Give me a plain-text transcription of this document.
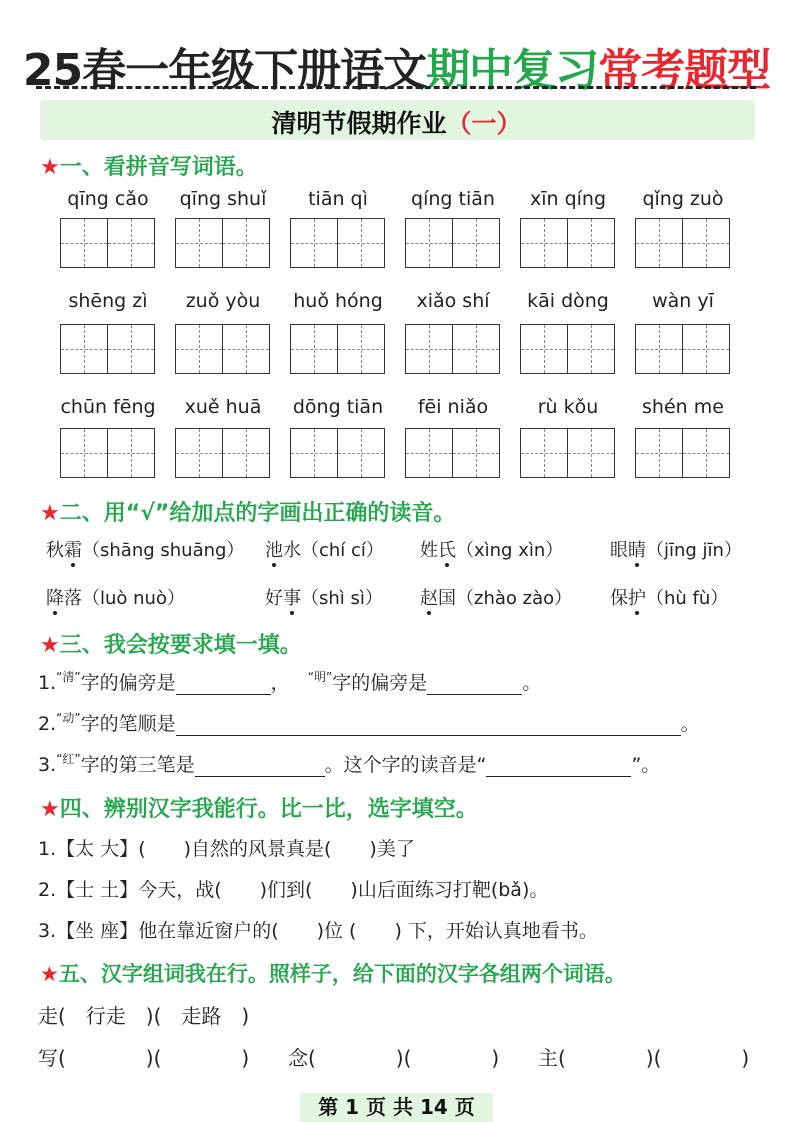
25春一年级下册语文期中复习常考题型
清明节假期作业（一）
★一、看拼音写词语。
qīng cǎo	qīng shuǐ	tiān qì	qíng tiān	xīn qíng	qǐng zuò
shēng zì	zuǒ yòu	huǒ hóng	xiǎo shí	kāi dòng	wàn yī
chūn fēng	xuě huā	dōng tiān	fēi niǎo	rù kǒu	shén me
★二、用“√”给加点的字画出正确的读音。
秋霜（shāng shuāng） 池水（chí cí） 姓氏（xìng xìn）	眼睛（jīng jīn）
降落（luò nuò）	好事（shì sì） 赵国（zhào zào） 保护（hù fù）
★三、我会按要求填一填。
1.$^{“清”}$字的偏旁是	， $^{“明”}$字的偏旁是	。
2.$^{“动”}$字的笔顺是	。
3.$^{“红”}$字的第三笔是	。这个字的读音是“	”。
★四、辨别汉字我能行。比一比，选字填空。
1.【太 大】(　　)自然的风景真是(　　)美了
2.【士 土】今天，战(　　)们到(　　)山后面练习打靶(bǎ)。
3.【坐 座】他在靠近窗户的(　　)位 (　　) 下，开始认真地看书。
★五、汉字组词我在行。照样子，给下面的汉字各组两个词语。
走(　行走　)(　走路　)
写(　　　　)(　　　　) 念(　　　　)(　　　　) 主(　　　　)(　　　　)
第 1 页 共 14 页
